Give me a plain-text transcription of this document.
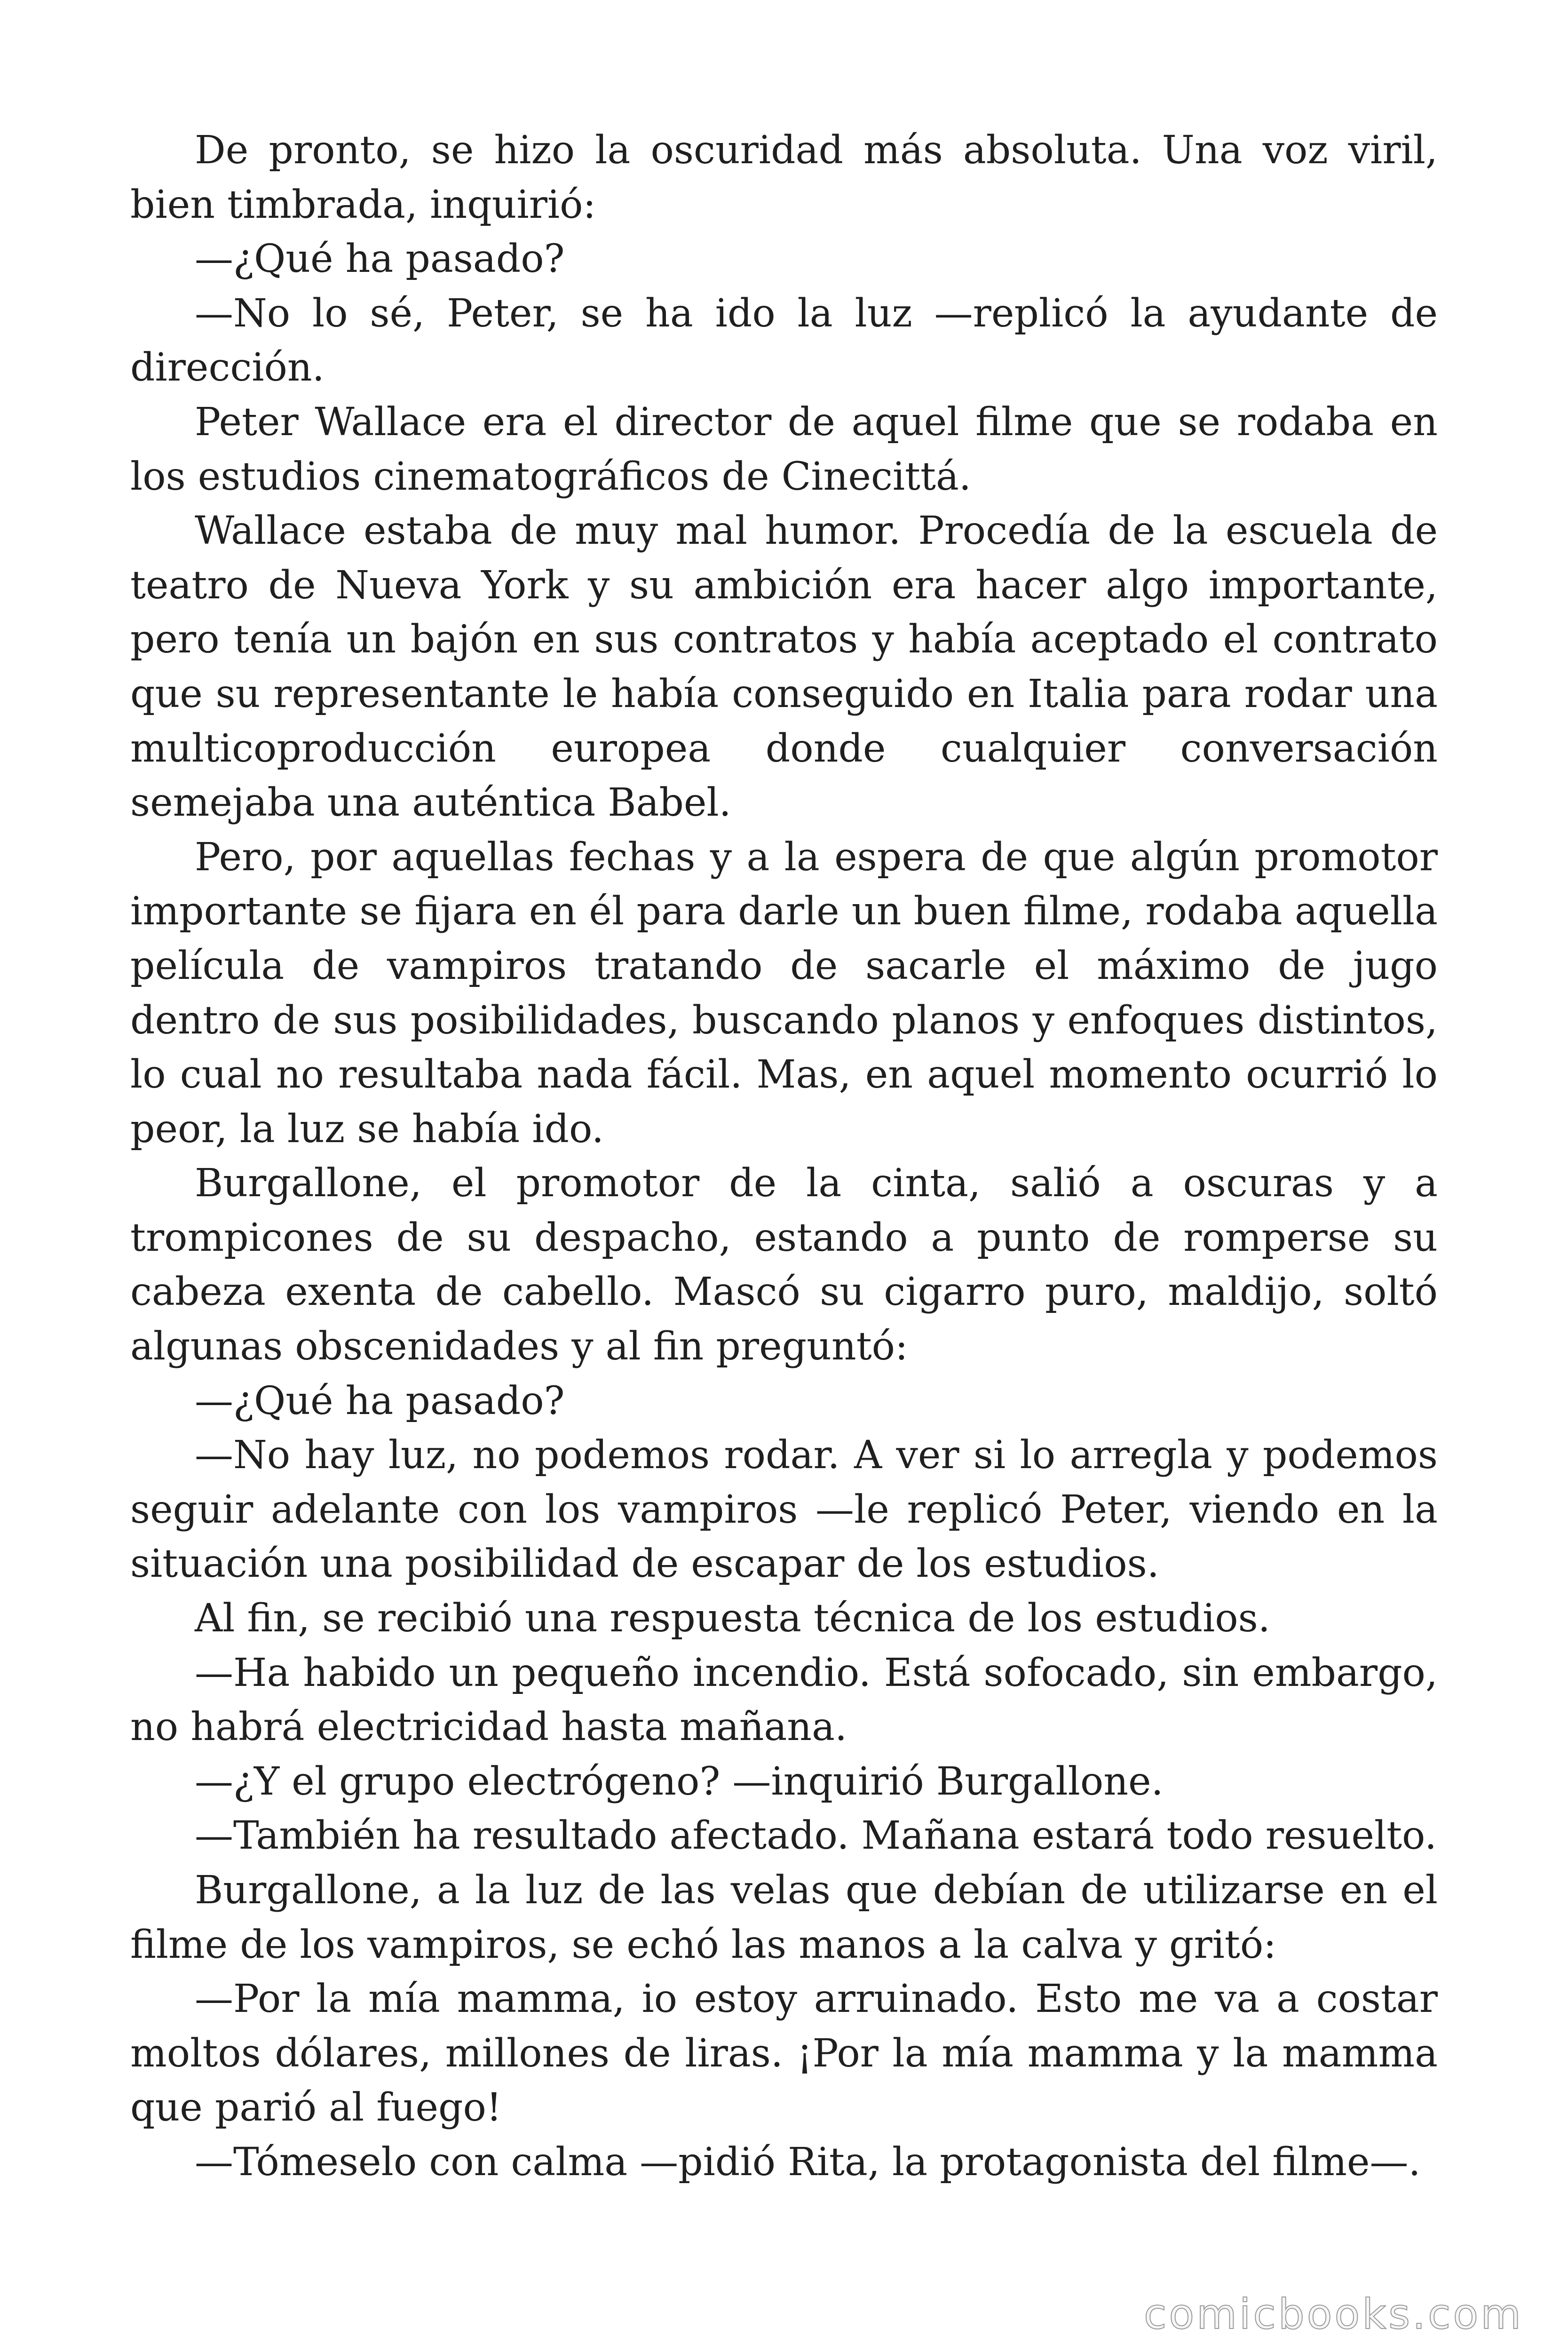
De pronto, se hizo la oscuridad más absoluta. Una voz viril, bien timbrada, inquirió:

—¿Qué ha pasado?

—No lo sé, Peter, se ha ido la luz —replicó la ayudante de dirección.

Peter Wallace era el director de aquel filme que se rodaba en los estudios cinematográficos de Cinecittá.

Wallace estaba de muy mal humor. Procedía de la escuela de teatro de Nueva York y su ambición era hacer algo importante, pero tenía un bajón en sus contratos y había aceptado el contrato que su representante le había conseguido en Italia para rodar una multicoproducción europea donde cualquier conversación semejaba una auténtica Babel.

Pero, por aquellas fechas y a la espera de que algún promotor importante se fijara en él para darle un buen filme, rodaba aquella película de vampiros tratando de sacarle el máximo de jugo dentro de sus posibilidades, buscando planos y enfoques distintos, lo cual no resultaba nada fácil. Mas, en aquel momento ocurrió lo peor, la luz se había ido.

Burgallone, el promotor de la cinta, salió a oscuras y a trompicones de su despacho, estando a punto de romperse su cabeza exenta de cabello. Mascó su cigarro puro, maldijo, soltó algunas obscenidades y al fin preguntó:

—¿Qué ha pasado?

—No hay luz, no podemos rodar. A ver si lo arregla y podemos seguir adelante con los vampiros —le replicó Peter, viendo en la situación una posibilidad de escapar de los estudios.

Al fin, se recibió una respuesta técnica de los estudios.

—Ha habido un pequeño incendio. Está sofocado, sin embargo, no habrá electricidad hasta mañana.

—¿Y el grupo electrógeno? —inquirió Burgallone.

—También ha resultado afectado. Mañana estará todo resuelto.

Burgallone, a la luz de las velas que debían de utilizarse en el filme de los vampiros, se echó las manos a la calva y gritó:

—Por la mía mamma, io estoy arruinado. Esto me va a costar moltos dólares, millones de liras. ¡Por la mía mamma y la mamma que parió al fuego!

—Tómeselo con calma —pidió Rita, la protagonista del filme—.

comicbooks.com
